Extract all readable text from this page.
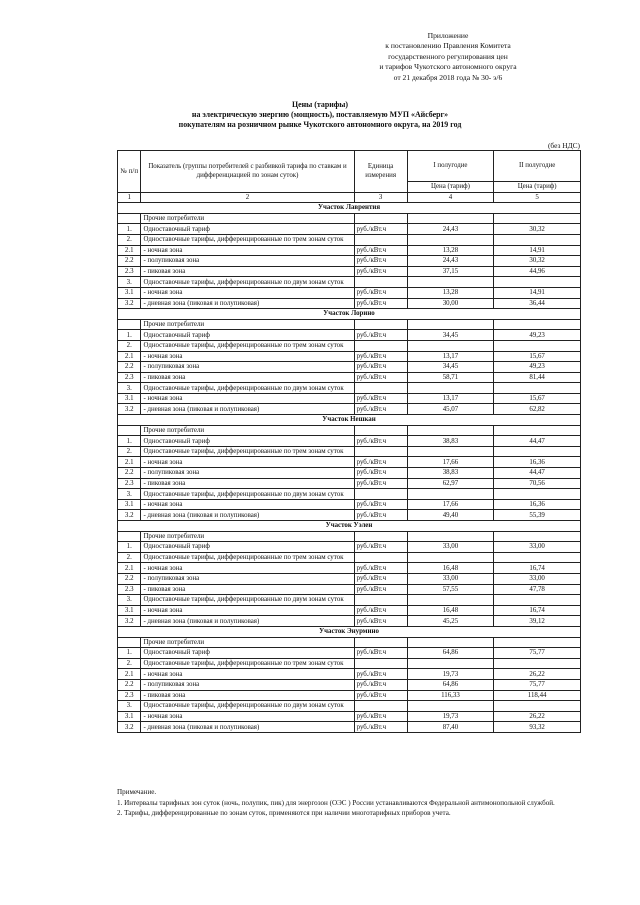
Приложение
к постановлению Правления Комитета
государственного регулирования цен
и тарифов Чукотского автономного округа
от 21 декабря 2018 года № 30- э/6
Цены (тарифы)
на электрическую энергию (мощность), поставляемую МУП «Айсберг»
покупателям на розничном рынке Чукотского автономного округа, на 2019 год
(без НДС)
№ п/п	Показатель (группы потребителей с разбивкой тарифа по ставкам и дифференциацией по зонам суток)	Единица измерения	I полугодие	II полугодие
			Цена (тариф)	Цена (тариф)
1	2	3	4	5
Участок Лаврентия				
	Прочие потребители			
1.	Одноставочный тариф	руб./кВт.ч	24,43	30,32
2.	Одноставочные тарифы, дифференцированные по трем зонам суток			
2.1	- ночная зона	руб./кВт.ч	13,28	14,91
2.2	- полупиковая зона	руб./кВт.ч	24,43	30,32
2.3	- пиковая зона	руб./кВт.ч	37,15	44,96
3.	Одноставочные тарифы, дифференцированные по двум зонам суток			
3.1	- ночная зона	руб./кВт.ч	13,28	14,91
3.2	- дневная зона (пиковая и полупиковая)	руб./кВт.ч	30,00	36,44
Участок Лорино				
	Прочие потребители			
1.	Одноставочный тариф	руб./кВт.ч	34,45	49,23
2.	Одноставочные тарифы, дифференцированные по трем зонам суток			
2.1	- ночная зона	руб./кВт.ч	13,17	15,67
2.2	- полупиковая зона	руб./кВт.ч	34,45	49,23
2.3	- пиковая зона	руб./кВт.ч	58,71	81,44
3.	Одноставочные тарифы, дифференцированные по двум зонам суток			
3.1	- ночная зона	руб./кВт.ч	13,17	15,67
3.2	- дневная зона (пиковая и полупиковая)	руб./кВт.ч	45,07	62,82
Участок Нешкан				
	Прочие потребители			
1.	Одноставочный тариф	руб./кВт.ч	38,83	44,47
2.	Одноставочные тарифы, дифференцированные по трем зонам суток			
2.1	- ночная зона	руб./кВт.ч	17,66	16,36
2.2	- полупиковая зона	руб./кВт.ч	38,83	44,47
2.3	- пиковая зона	руб./кВт.ч	62,97	70,56
3.	Одноставочные тарифы, дифференцированные по двум зонам суток			
3.1	- ночная зона	руб./кВт.ч	17,66	16,36
3.2	- дневная зона (пиковая и полупиковая)	руб./кВт.ч	49,40	55,39
Участок Уэлен				
	Прочие потребители			
1.	Одноставочный тариф	руб./кВт.ч	33,00	33,00
2.	Одноставочные тарифы, дифференцированные по трем зонам суток			
2.1	- ночная зона	руб./кВт.ч	16,48	16,74
2.2	- полупиковая зона	руб./кВт.ч	33,00	33,00
2.3	- пиковая зона	руб./кВт.ч	57,55	47,78
3.	Одноставочные тарифы, дифференцированные по двум зонам суток			
3.1	- ночная зона	руб./кВт.ч	16,48	16,74
3.2	- дневная зона (пиковая и полупиковая)	руб./кВт.ч	45,25	39,12
Участок Энурмино				
	Прочие потребители			
1.	Одноставочный тариф	руб./кВт.ч	64,86	75,77
2.	Одноставочные тарифы, дифференцированные по трем зонам суток			
2.1	- ночная зона	руб./кВт.ч	19,73	26,22
2.2	- полупиковая зона	руб./кВт.ч	64,86	75,77
2.3	- пиковая зона	руб./кВт.ч	116,33	118,44
3.	Одноставочные тарифы, дифференцированные по двум зонам суток			
3.1	- ночная зона	руб./кВт.ч	19,73	26,22
3.2	- дневная зона (пиковая и полупиковая)	руб./кВт.ч	87,40	93,32

Примечание.

1. Интервалы тарифных зон суток (ночь, полупик, пик) для энергозон (ОЭС ) России устанавливаются Федеральной антимонопольной службой.

2. Тарифы, дифференцированные по зонам суток, применяются при наличии многотарифных приборов учета.
